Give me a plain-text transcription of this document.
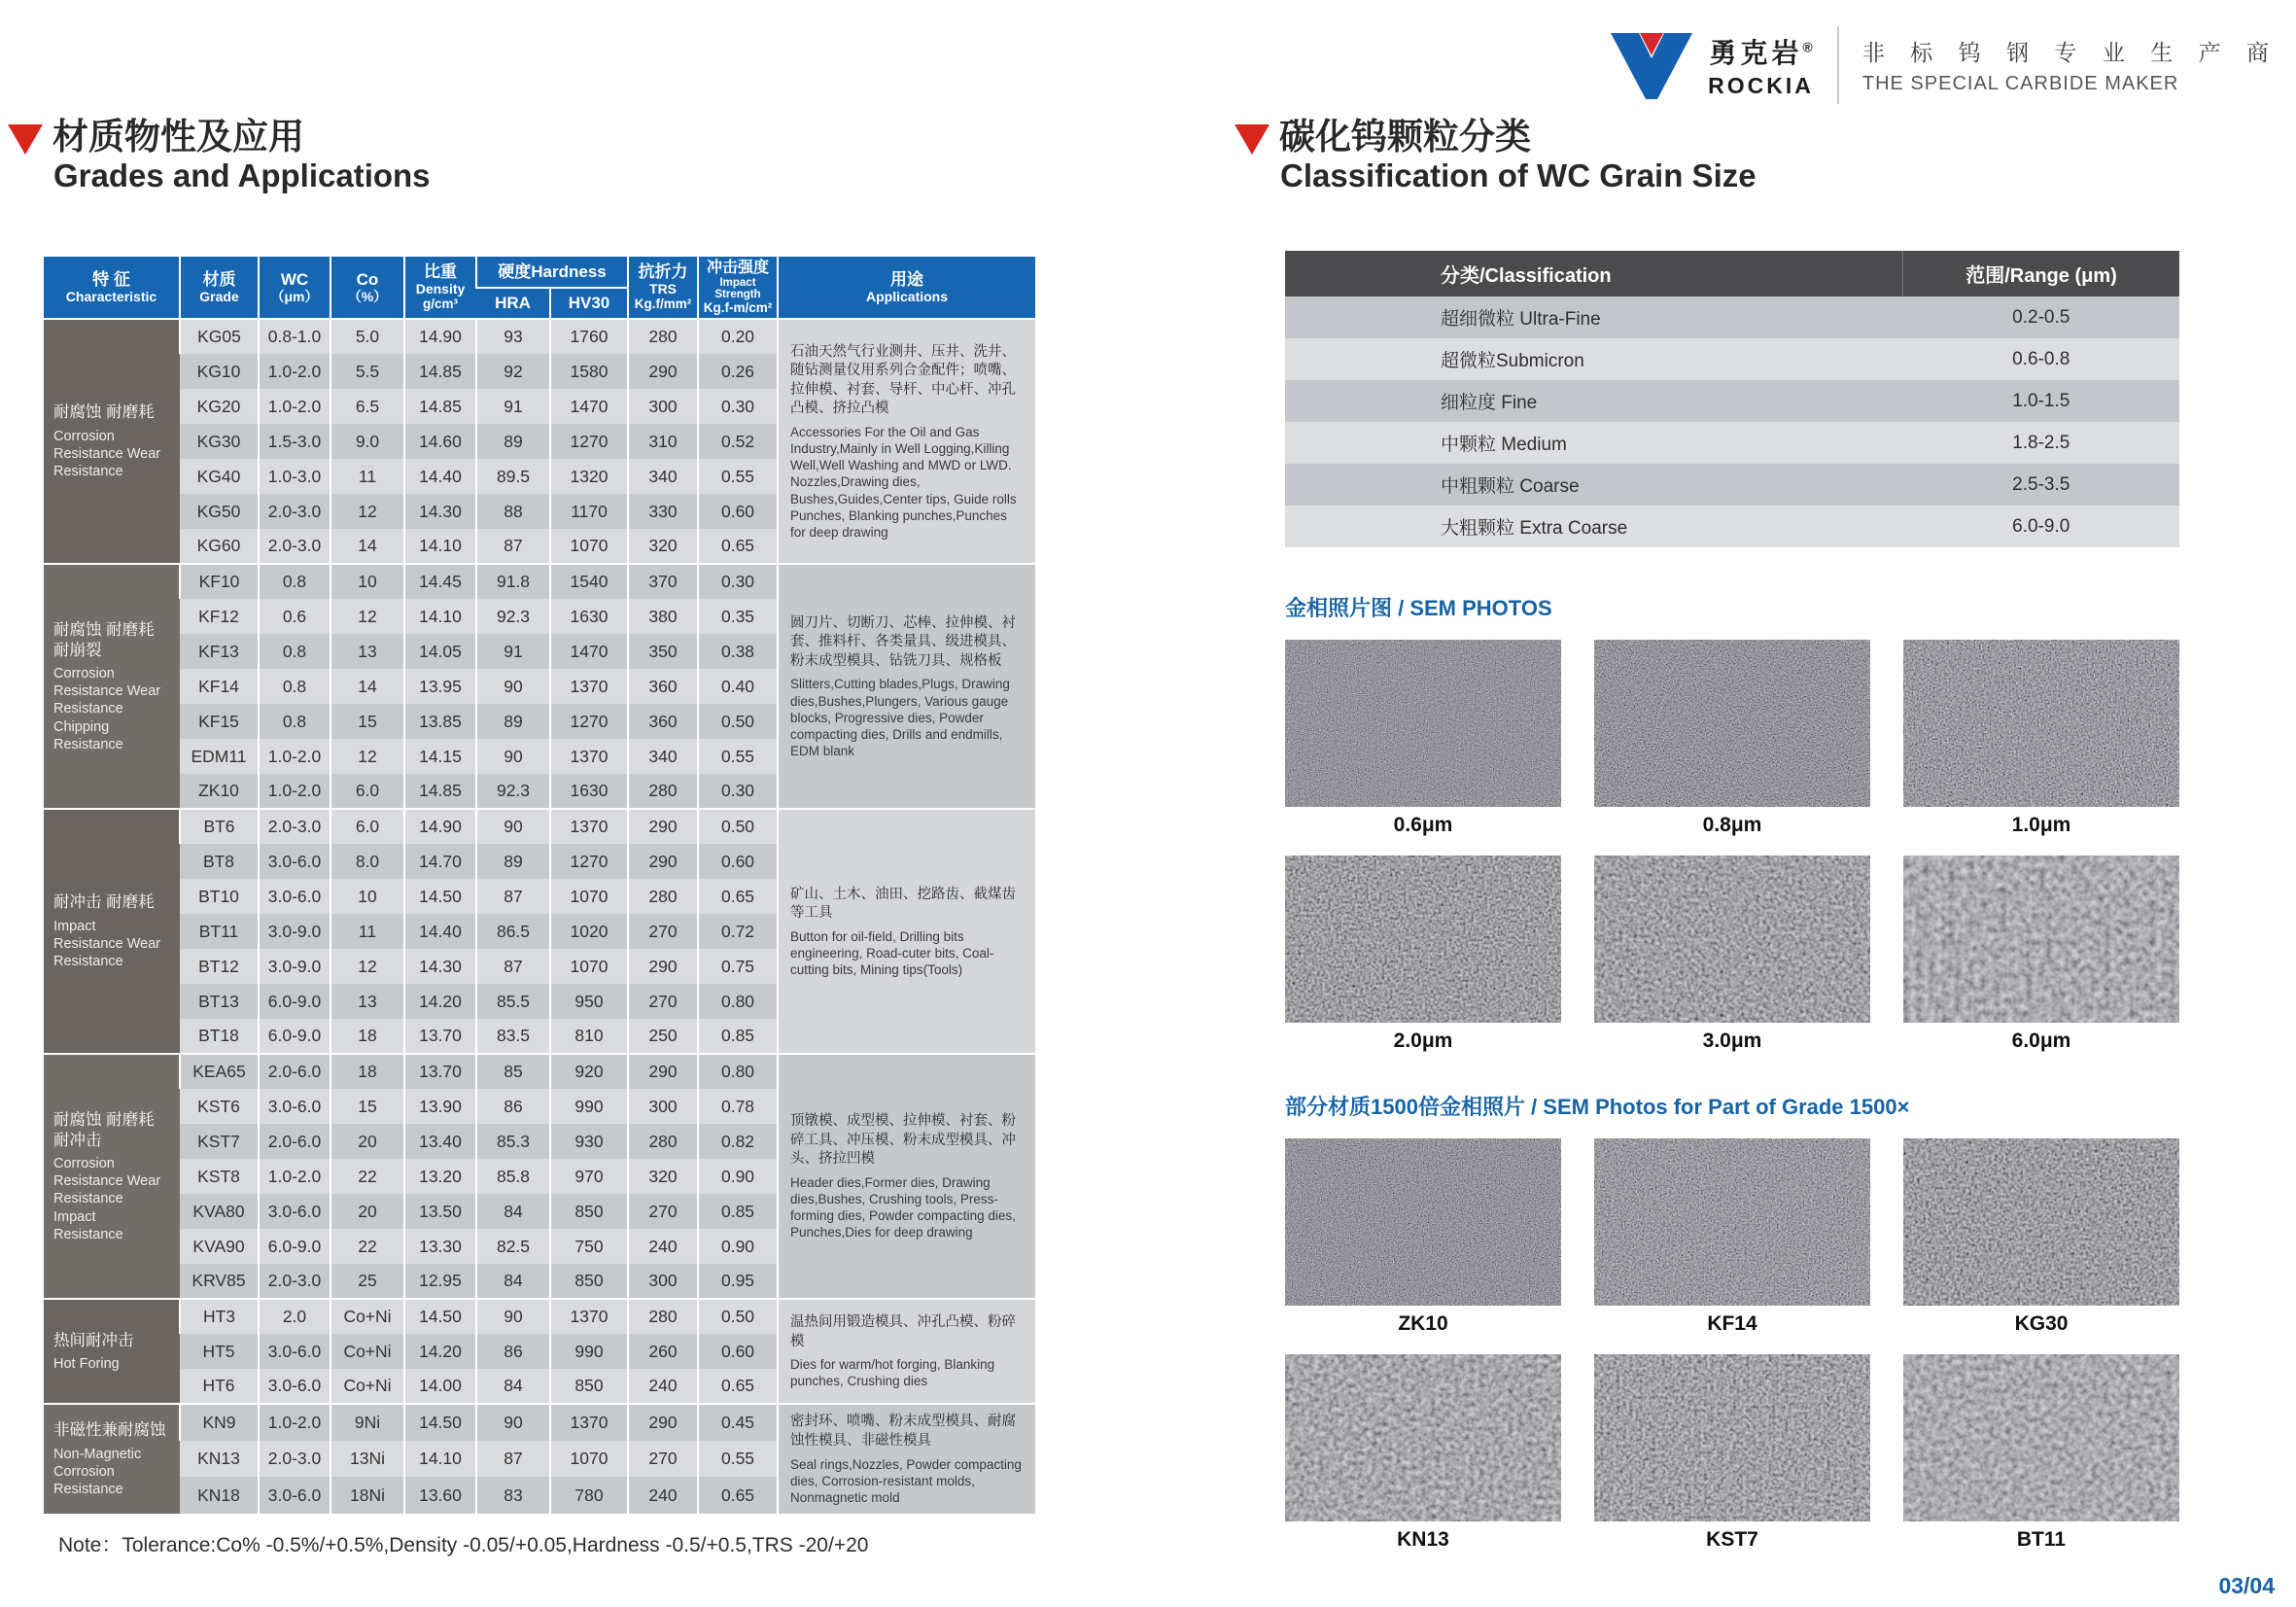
勇克岩®
ROCKIA
非 标 钨 钢 专 业 生 产 商
THE SPECIAL CARBIDE MAKER
材质物性及应用
Grades and Applications
特 征
Characteristic

材质
Grade

WC
（μm）

Co
（%）

比重
Density
g/cm³

硬度Hardness	抗折力
TRS
Kg.f/mm²

冲击强度
Impact Strength
Kg.f-m/cm²

用途
Applications

					HRA	HV30			

耐腐蚀 耐磨耗
Corrosion Resistance Wear Resistance
	KG05	0.8-1.0	5.0	14.90	93	1760	280	0.20	
石油天然气行业测井、压井、洗井、随钻测量仪用系列合金配件；喷嘴、拉伸模、衬套、导杆、中心杆、冲孔凸模、挤拉凸模
Accessories For the Oil and Gas Industry,Mainly in Well Logging,Killing Well,Well Washing and MWD or LWD. Nozzles,Drawing dies, Bushes,Guides,Center tips, Guide rolls Punches, Blanking punches,Punches for deep drawing

	KG10	1.0-2.0	5.5	14.85	92	1580	290	0.26	
	KG20	1.0-2.0	6.5	14.85	91	1470	300	0.30	
	KG30	1.5-3.0	9.0	14.60	89	1270	310	0.52	
	KG40	1.0-3.0	11	14.40	89.5	1320	340	0.55	
	KG50	2.0-3.0	12	14.30	88	1170	330	0.60	
	KG60	2.0-3.0	14	14.10	87	1070	320	0.65	

耐腐蚀 耐磨耗 耐崩裂
Corrosion Resistance Wear Resistance Chipping Resistance
	KF10	0.8	10	14.45	91.8	1540	370	0.30	
圆刀片、切断刀、芯棒、拉伸模、衬套、推料杆、各类量具、级进模具、粉末成型模具、钻铣刀具、规格板
Slitters,Cutting blades,Plugs, Drawing dies,Bushes,Plungers, Various gauge blocks, Progressive dies, Powder compacting dies, Drills and endmills, EDM blank

	KF12	0.6	12	14.10	92.3	1630	380	0.35	
	KF13	0.8	13	14.05	91	1470	350	0.38	
	KF14	0.8	14	13.95	90	1370	360	0.40	
	KF15	0.8	15	13.85	89	1270	360	0.50	
	EDM11	1.0-2.0	12	14.15	90	1370	340	0.55	
	ZK10	1.0-2.0	6.0	14.85	92.3	1630	280	0.30	

耐冲击 耐磨耗
Impact Resistance Wear Resistance
	BT6	2.0-3.0	6.0	14.90	90	1370	290	0.50	
矿山、土木、油田、挖路齿、截煤齿等工具
Button for oil-field, Drilling bits engineering, Road-cuter bits, Coal-cutting bits, Mining tips(Tools)

	BT8	3.0-6.0	8.0	14.70	89	1270	290	0.60	
	BT10	3.0-6.0	10	14.50	87	1070	280	0.65	
	BT11	3.0-9.0	11	14.40	86.5	1020	270	0.72	
	BT12	3.0-9.0	12	14.30	87	1070	290	0.75	
	BT13	6.0-9.0	13	14.20	85.5	950	270	0.80	
	BT18	6.0-9.0	18	13.70	83.5	810	250	0.85	

耐腐蚀 耐磨耗 耐冲击
Corrosion Resistance Wear Resistance Impact Resistance
	KEA65	2.0-6.0	18	13.70	85	920	290	0.80	
顶镦模、成型模、拉伸模、衬套、粉碎工具、冲压模、粉末成型模具、冲头、挤拉凹模
Header dies,Former dies, Drawing dies,Bushes, Crushing tools, Press-forming dies, Powder compacting dies, Punches,Dies for deep drawing

	KST6	3.0-6.0	15	13.90	86	990	300	0.78	
	KST7	2.0-6.0	20	13.40	85.3	930	280	0.82	
	KST8	1.0-2.0	22	13.20	85.8	970	320	0.90	
	KVA80	3.0-6.0	20	13.50	84	850	270	0.85	
	KVA90	6.0-9.0	22	13.30	82.5	750	240	0.90	
	KRV85	2.0-3.0	25	12.95	84	850	300	0.95	

热间耐冲击
Hot Foring
	HT3	2.0	Co+Ni	14.50	90	1370	280	0.50	温热间用锻造模具、冲孔凸模、粉碎模
Dies for warm/hot forging, Blanking punches, Crushing dies

	HT5	3.0-6.0	Co+Ni	14.20	86	990	260	0.60	
	HT6	3.0-6.0	Co+Ni	14.00	84	850	240	0.65	

非磁性兼耐腐蚀
Non-Magnetic Corrosion Resistance
	KN9	1.0-2.0	9Ni	14.50	90	1370	290	0.45	密封环、喷嘴、粉末成型模具、耐腐蚀性模具、非磁性模具
Seal rings,Nozzles, Powder compacting dies, Corrosion-resistant molds, Nonmagnetic mold

	KN13	2.0-3.0	13Ni	14.10	87	1070	270	0.55	
	KN18	3.0-6.0	18Ni	13.60	83	780	240	0.65	

Note：Tolerance:Co% -0.5%/+0.5%,Density -0.05/+0.05,Hardness -0.5/+0.5,TRS -20/+20

碳化钨颗粒分类
Classification of WC Grain Size
分类/Classification	范围/Range (μm)
超细微粒 Ultra-Fine	0.2-0.5
超微粒Submicron	0.6-0.8
细粒度 Fine	1.0-1.5
中颗粒 Medium	1.8-2.5
中粗颗粒 Coarse	2.5-3.5
大粗颗粒 Extra Coarse	6.0-9.0
金相照片图 / SEM PHOTOS
0.6μm	0.8μm	1.0μm
2.0μm	3.0μm	6.0μm
部分材质1500倍金相照片 / SEM Photos for Part of Grade 1500×
ZK10	KF14	KG30
KN13	KST7	BT11
03/04
